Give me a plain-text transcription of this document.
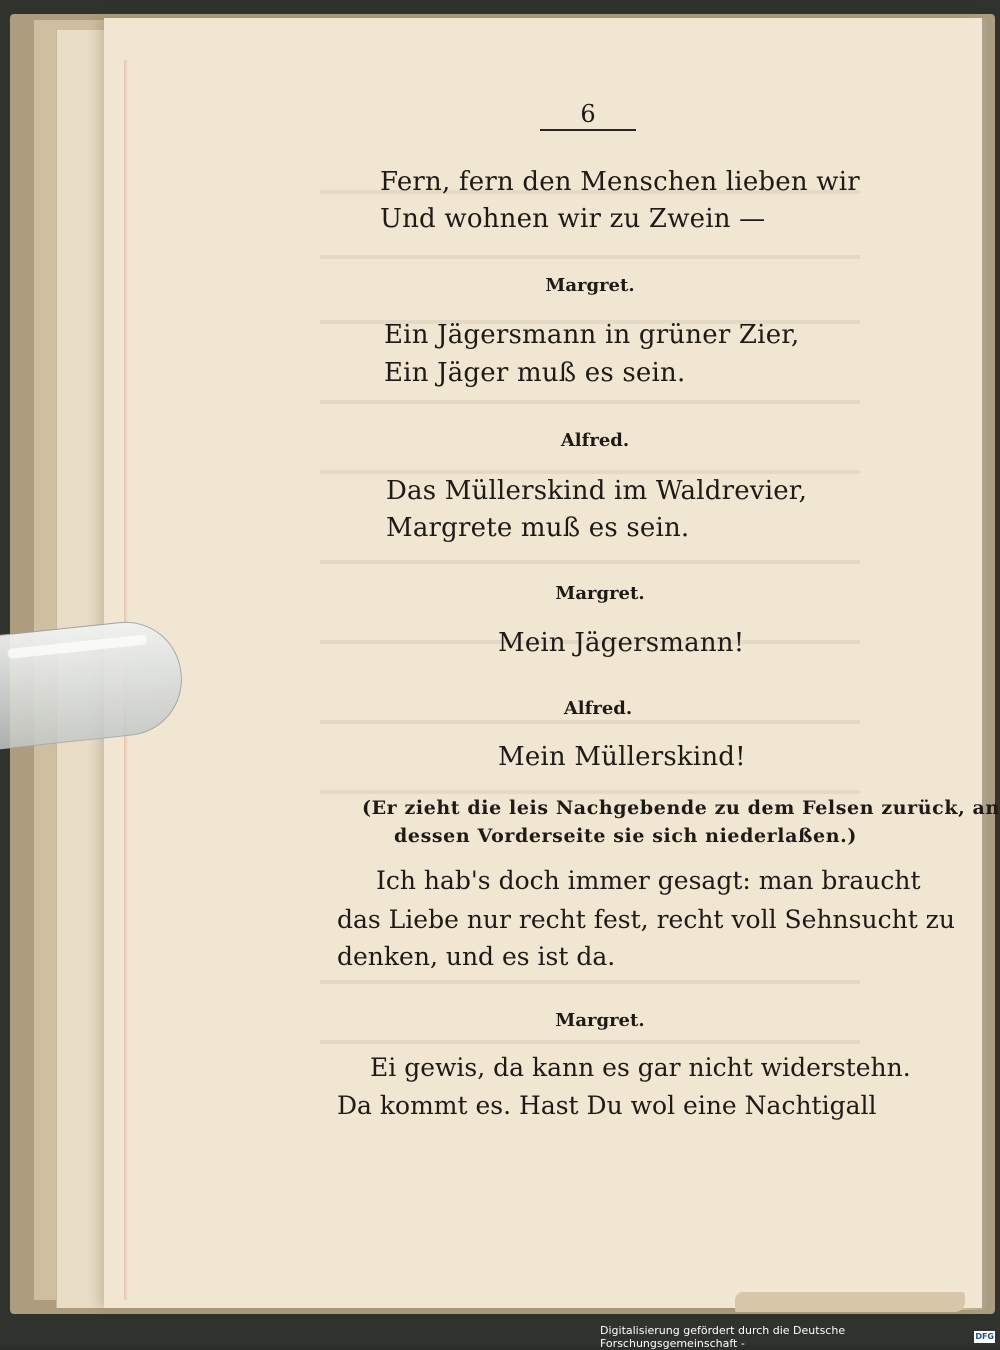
6
Fern, fern den Menschen lieben wir
Und wohnen wir zu Zwein —
Margret.
Ein Jägersmann in grüner Zier,
Ein Jäger muß es sein.
Alfred.
Das Müllerskind im Waldrevier,
Margrete muß es sein.
Margret.
Mein Jägersmann!
Alfred.
Mein Müllerskind!
(Er zieht die leis Nachgebende zu dem Felsen zurück, an
dessen Vorderseite sie sich niederlaßen.)
Ich hab's doch immer gesagt: man braucht
das Liebe nur recht fest, recht voll Sehnsucht zu
denken, und es ist da.
Margret.
Ei gewis, da kann es gar nicht widerstehn.
Da kommt es. Hast Du wol eine Nachtigall
Digitalisierung gefördert durch die Deutsche Forschungsgemeinschaft -	DFG
